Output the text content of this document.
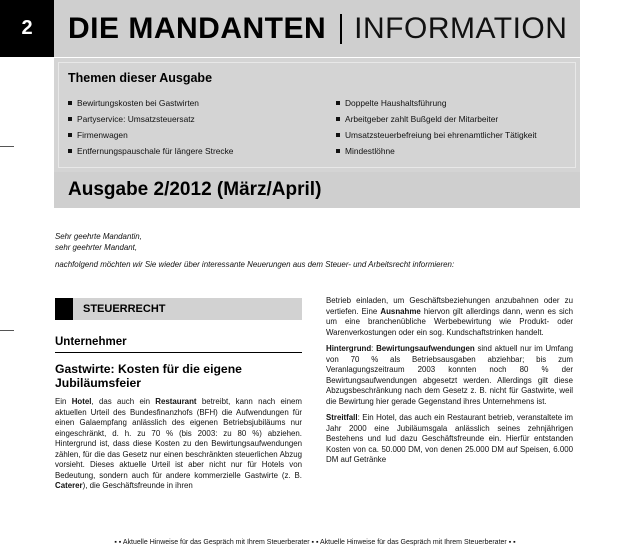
2	DIE MANDANTEN INFORMATION
Themen dieser Ausgabe
Bewirtungskosten bei Gastwirten
Partyservice: Umsatzsteuersatz
Firmenwagen
Entfernungspauschale für längere Strecke
Doppelte Haushaltsführung
Arbeitgeber zahlt Bußgeld der Mitarbeiter
Umsatzsteuerbefreiung bei ehrenamtlicher Tätigkeit
Mindestlöhne
Ausgabe 2/2012 (März/April)
Sehr geehrte Mandantin,
sehr geehrter Mandant,
nachfolgend möchten wir Sie wieder über interessante Neuerungen aus dem Steuer- und Arbeitsrecht informieren:
STEUERRECHT
Unternehmer
Gastwirte: Kosten für die eigene Jubiläumsfeier

Ein Hotel, das auch ein Restaurant betreibt, kann nach einem aktuellen Urteil des Bundesfinanzhofs (BFH) die Aufwendungen für einen Galaempfang anlässlich des eigenen Betriebsjubiläums nur eingeschränkt, d. h. zu 70 % (bis 2003: zu 80 %) abziehen. Hintergrund ist, dass diese Kosten zu den Bewirtungsaufwendungen zählen, für die das Gesetz nur einen beschränkten steuerlichen Abzug vorsieht. Dieses aktuelle Urteil ist aber nicht nur für Hotels von Bedeutung, sondern auch für andere kommerzielle Gastwirte (z. B. Caterer), die Geschäftsfreunde in ihren

Betrieb einladen, um Geschäftsbeziehungen anzubahnen oder zu vertiefen. Eine Ausnahme hiervon gilt allerdings dann, wenn es sich um eine branchenübliche Werbebewirtung wie Produkt- oder Warenverkostungen oder ein sog. Kundschaftstrinken handelt.

Hintergrund: Bewirtungsaufwendungen sind aktuell nur im Umfang von 70 % als Betriebsausgaben abziehbar; bis zum Veranlagungszeitraum 2003 konnten noch 80 % der Bewirtungsaufwendungen abgesetzt werden. Allerdings gilt diese Abzugsbeschränkung nach dem Gesetz z. B. nicht für Gastwirte, weil die Bewirtung hier gerade Gegenstand ihres Unternehmens ist.

Streitfall: Ein Hotel, das auch ein Restaurant betrieb, veranstaltete im Jahr 2000 eine Jubiläumsgala anlässlich seines zehnjährigen Bestehens und lud dazu Geschäftsfreunde ein. Hierfür entstanden Kosten von ca. 50.000 DM, von denen 25.000 DM auf Speisen, 6.000 DM auf Getränke

▪ ▪ Aktuelle Hinweise für das Gespräch mit Ihrem Steuerberater ▪ ▪ Aktuelle Hinweise für das Gespräch mit Ihrem Steuerberater ▪ ▪
